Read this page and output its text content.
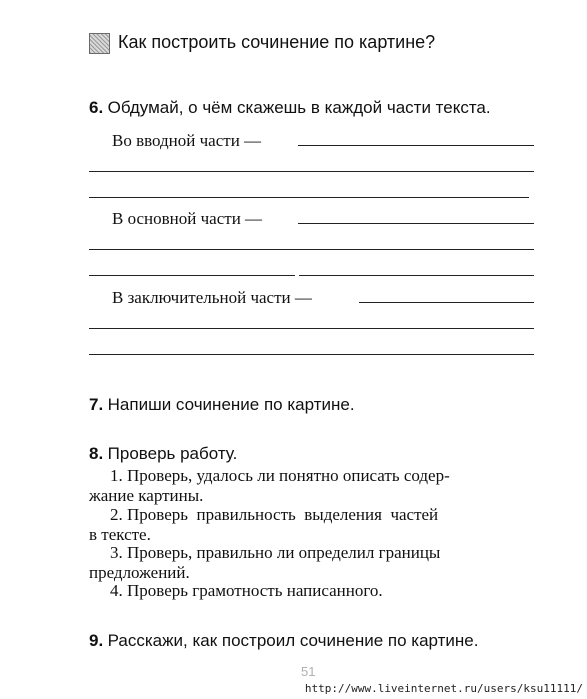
Как построить сочинение по картине?
6. Обдумай, о чём скажешь в каждой части текста.
Во вводной части —
В основной части —
В заключительной части —
7. Напиши сочинение по картине.
8. Проверь работу.
1. Проверь, удалось ли понятно описать содер-
жание картины.
2. Проверь  правильность  выделения  частей
в тексте.
3. Проверь, правильно ли определил границы
предложений.
4. Проверь грамотность написанного.
9. Расскажи, как построил сочинение по картине.
51
http://www.liveinternet.ru/users/ksu11111/
